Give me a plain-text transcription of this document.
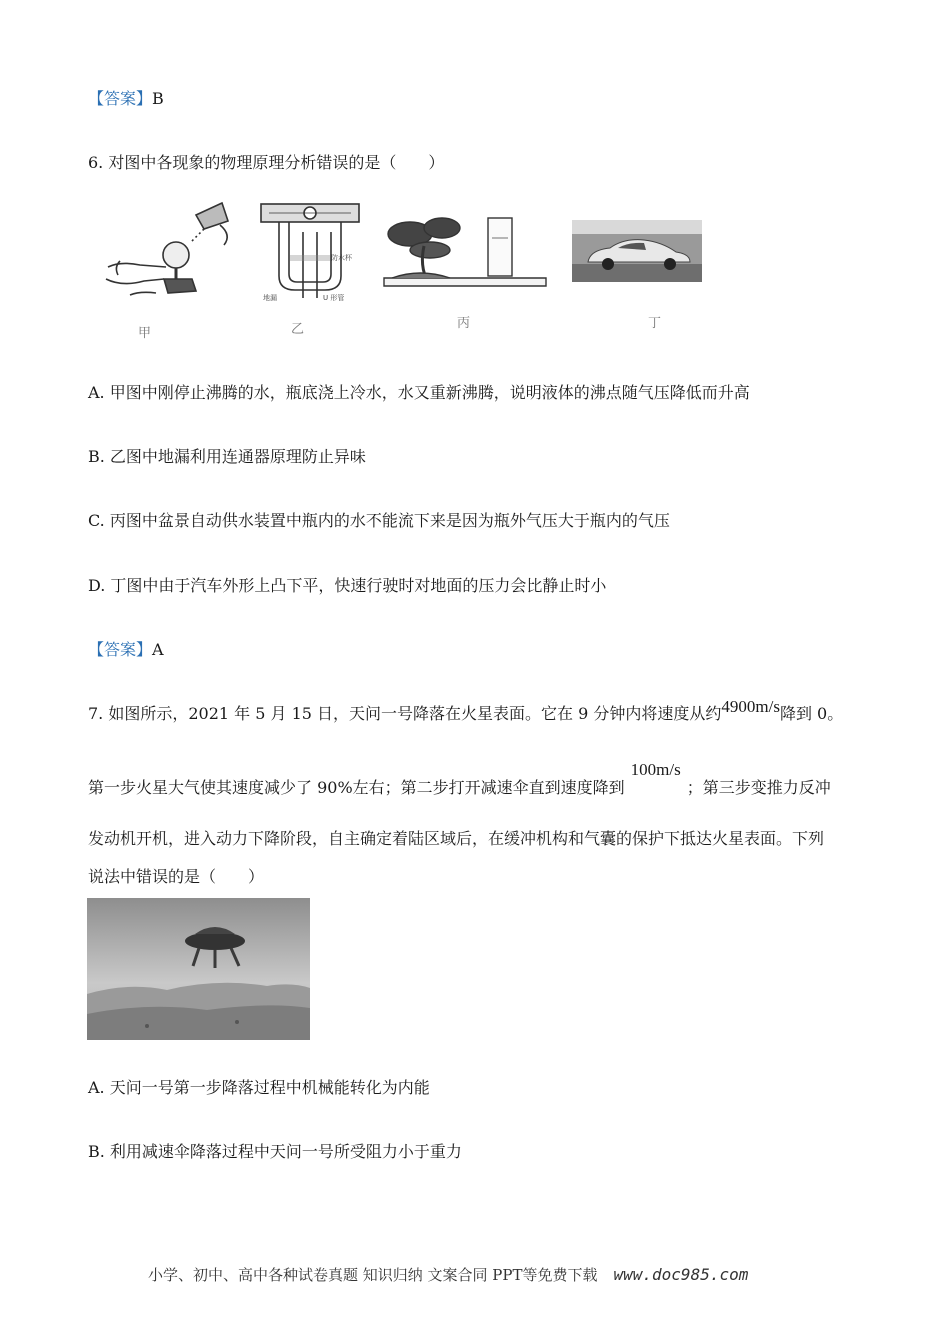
【答案】B
6. 对图中各现象的物理原理分析错误的是（　　）
甲
防水杯
U 形管
地漏
乙	丙	丁
A. 甲图中刚停止沸腾的水，瓶底浇上冷水，水又重新沸腾，说明液体的沸点随气压降低而升高
B. 乙图中地漏利用连通器原理防止异味
C. 丙图中盆景自动供水装置中瓶内的水不能流下来是因为瓶外气压大于瓶内的气压
D. 丁图中由于汽车外形上凸下平，快速行驶时对地面的压力会比静止时小
【答案】A
7. 如图所示，2021 年 5 月 15 日，天问一号降落在火星表面。它在 9 分钟内将速度从约4900m/s降到 0。
第一步火星大气使其速度减少了 90%左右；第二步打开减速伞直到速度降到100m/s；第三步变推力反冲
发动机开机，进入动力下降阶段，自主确定着陆区域后，在缓冲机构和气囊的保护下抵达火星表面。下列
说法中错误的是（　　）
A. 天问一号第一步降落过程中机械能转化为内能
B. 利用减速伞降落过程中天问一号所受阻力小于重力
小学、初中、高中各种试卷真题 知识归纳 文案合同 PPT等免费下载 www.doc985.com
